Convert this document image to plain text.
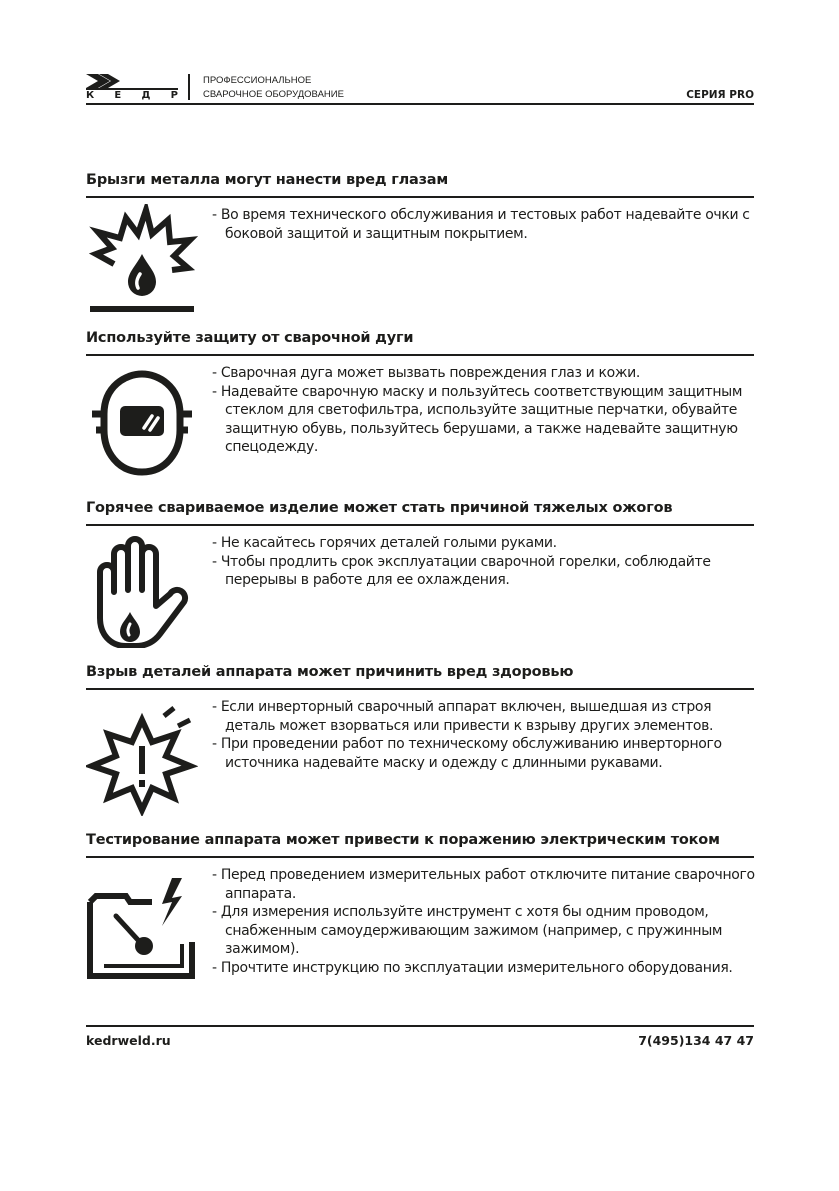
К Е Д Р
ПРОФЕССИОНАЛЬНОЕ
СВАРОЧНОЕ ОБОРУДОВАНИЕ	СЕРИЯ PRO
Брызги металла могут нанести вред глазам
- Во время технического обслуживания и тестовых работ надевайте очки с боковой защитой и защитным покрытием.
Используйте защиту от сварочной дуги
- Сварочная дуга может вызвать повреждения глаз и кожи.
- Надевайте сварочную маску и пользуйтесь соответствующим защитным стеклом для светофильтра, используйте защитные перчатки, обувайте защитную обувь, пользуйтесь берушами, а также надевайте защитную спецодежду.
Горячее свариваемое изделие может стать причиной тяжелых ожогов
- Не касайтесь горячих деталей голыми руками.
- Чтобы продлить срок эксплуатации сварочной горелки, соблюдайте перерывы в работе для ее охлаждения.
Взрыв деталей аппарата может причинить вред здоровью
- Если инверторный сварочный аппарат включен, вышедшая из строя деталь может взорваться или привести к взрыву других элементов.
- При проведении работ по техническому обслуживанию инверторного источника надевайте маску и одежду с длинными рукавами.
Тестирование аппарата может привести к поражению электрическим током
- Перед проведением измерительных работ отключите питание сварочного аппарата.
- Для измерения используйте инструмент с хотя бы одним проводом, снабженным самоудерживающим зажимом (например, с пружинным зажимом).
- Прочтите инструкцию по эксплуатации измерительного оборудования.
kedrweld.ru	7(495)134 47 47
